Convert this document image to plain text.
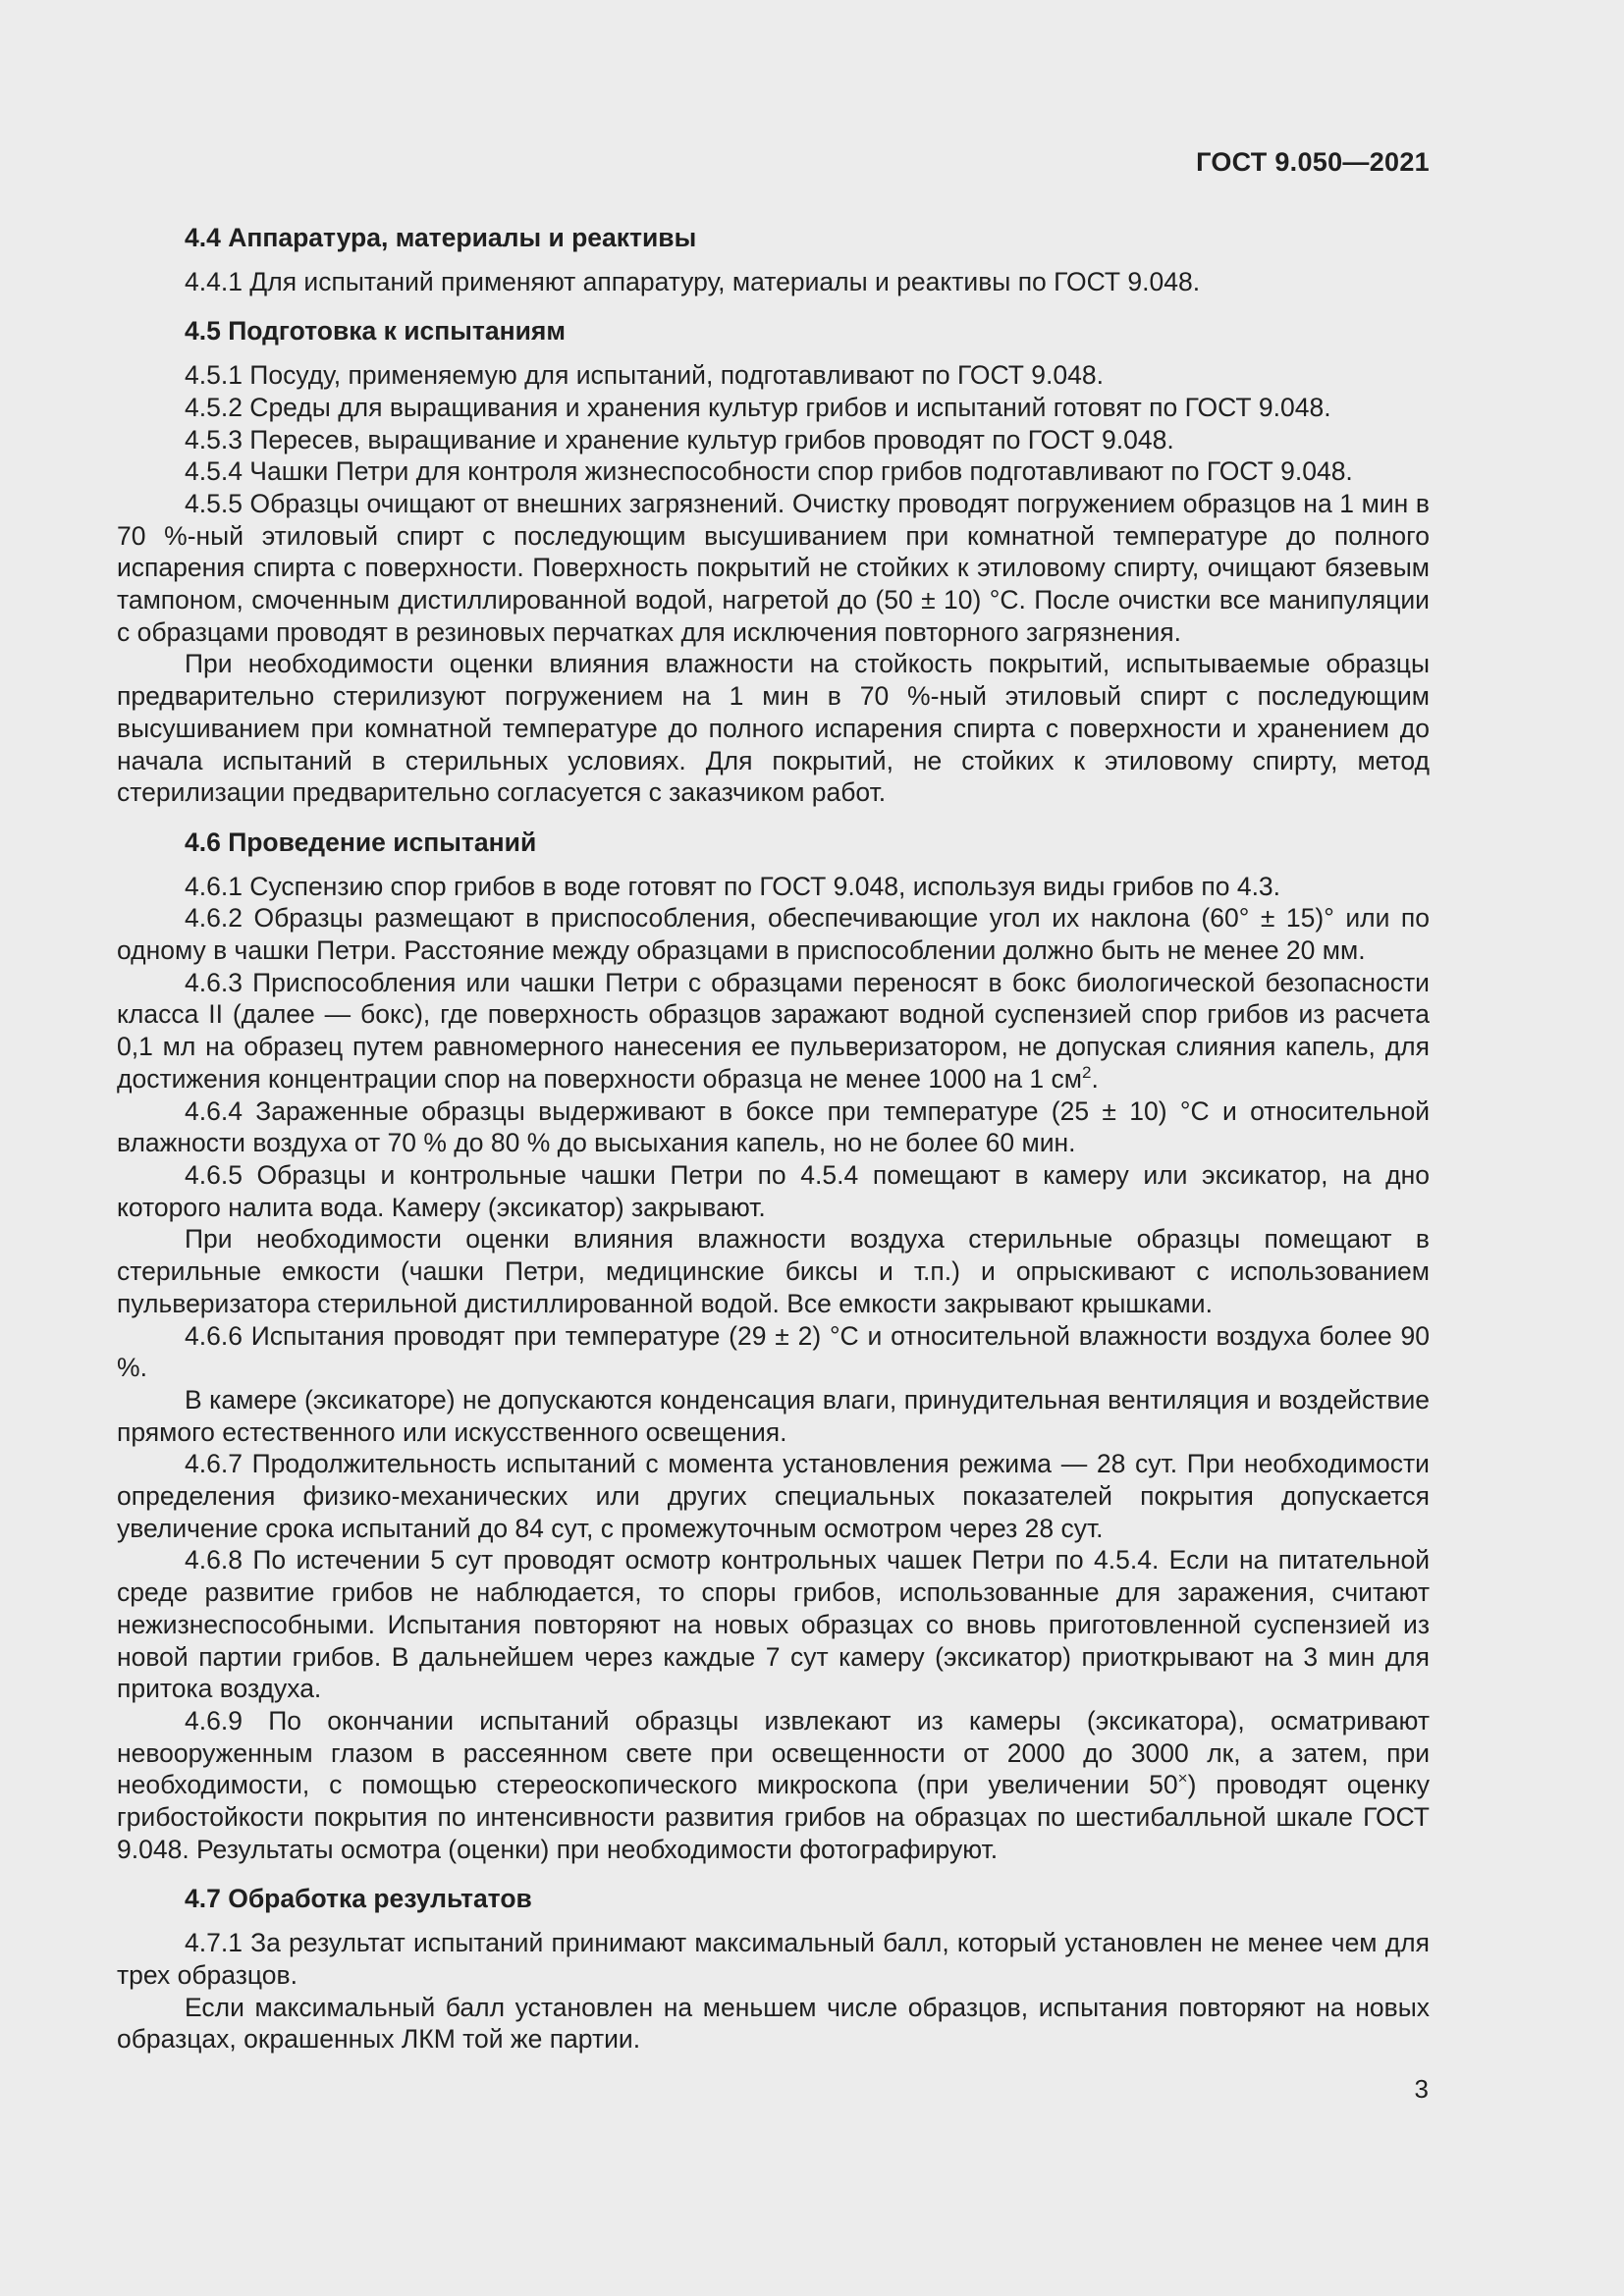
ГОСТ 9.050—2021
4.4 Аппаратура, материалы и реактивы

4.4.1 Для испытаний применяют аппаратуру, материалы и реактивы по ГОСТ 9.048.

4.5 Подготовка к испытаниям

4.5.1 Посуду, применяемую для испытаний, подготавливают по ГОСТ 9.048.

4.5.2 Среды для выращивания и хранения культур грибов и испытаний готовят по ГОСТ 9.048.

4.5.3 Пересев, выращивание и хранение культур грибов проводят по ГОСТ 9.048.

4.5.4 Чашки Петри для контроля жизнеспособности спор грибов подготавливают по ГОСТ 9.048.

4.5.5 Образцы очищают от внешних загрязнений. Очистку проводят погружением образцов на 1 мин в 70 %-ный этиловый спирт с последующим высушиванием при комнатной температуре до полного испарения спирта с поверхности. Поверхность покрытий не стойких к этиловому спирту, очищают бязевым тампоном, смоченным дистиллированной водой, нагретой до (50 ± 10) °С. После очистки все манипуляции с образцами проводят в резиновых перчатках для исключения повторного загрязнения.

При необходимости оценки влияния влажности на стойкость покрытий, испытываемые образцы предварительно стерилизуют погружением на 1 мин в 70 %-ный этиловый спирт с последующим высушиванием при комнатной температуре до полного испарения спирта с поверхности и хранением до начала испытаний в стерильных условиях. Для покрытий, не стойких к этиловому спирту, метод стерилизации предварительно согласуется с заказчиком работ.

4.6 Проведение испытаний

4.6.1 Суспензию спор грибов в воде готовят по ГОСТ 9.048, используя виды грибов по 4.3.

4.6.2 Образцы размещают в приспособления, обеспечивающие угол их наклона (60° ± 15)° или по одному в чашки Петри. Расстояние между образцами в приспособлении должно быть не менее 20 мм.

4.6.3 Приспособления или чашки Петри с образцами переносят в бокс биологической безопасности класса II (далее — бокс), где поверхность образцов заражают водной суспензией спор грибов из расчета 0,1 мл на образец путем равномерного нанесения ее пульверизатором, не допуская слияния капель, для достижения концентрации спор на поверхности образца не менее 1000 на 1 $см^2$.

4.6.4 Зараженные образцы выдерживают в боксе при температуре (25 ± 10) °С и относительной влажности воздуха от 70 % до 80 % до высыхания капель, но не более 60 мин.

4.6.5 Образцы и контрольные чашки Петри по 4.5.4 помещают в камеру или эксикатор, на дно которого налита вода. Камеру (эксикатор) закрывают.

При необходимости оценки влияния влажности воздуха стерильные образцы помещают в стерильные емкости (чашки Петри, медицинские биксы и т.п.) и опрыскивают с использованием пульверизатора стерильной дистиллированной водой. Все емкости закрывают крышками.

4.6.6 Испытания проводят при температуре (29 ± 2) °С и относительной влажности воздуха более 90 %.

В камере (эксикаторе) не допускаются конденсация влаги, принудительная вентиляция и воздействие прямого естественного или искусственного освещения.

4.6.7 Продолжительность испытаний с момента установления режима — 28 сут. При необходимости определения физико-механических или других специальных показателей покрытия допускается увеличение срока испытаний до 84 сут, с промежуточным осмотром через 28 сут.

4.6.8 По истечении 5 сут проводят осмотр контрольных чашек Петри по 4.5.4. Если на питательной среде развитие грибов не наблюдается, то споры грибов, использованные для заражения, считают нежизнеспособными. Испытания повторяют на новых образцах со вновь приготовленной суспензией из новой партии грибов. В дальнейшем через каждые 7 сут камеру (эксикатор) приоткрывают на 3 мин для притока воздуха.

4.6.9 По окончании испытаний образцы извлекают из камеры (эксикатора), осматривают невооруженным глазом в рассеянном свете при освещенности от 2000 до 3000 лк, а затем, при необходимости, с помощью стереоскопического микроскопа (при увеличении 50×) проводят оценку грибостойкости покрытия по интенсивности развития грибов на образцах по шестибалльной шкале ГОСТ 9.048. Результаты осмотра (оценки) при необходимости фотографируют.

4.7 Обработка результатов

4.7.1 За результат испытаний принимают максимальный балл, который установлен не менее чем для трех образцов.

Если максимальный балл установлен на меньшем числе образцов, испытания повторяют на новых образцах, окрашенных ЛКМ той же партии.

3
